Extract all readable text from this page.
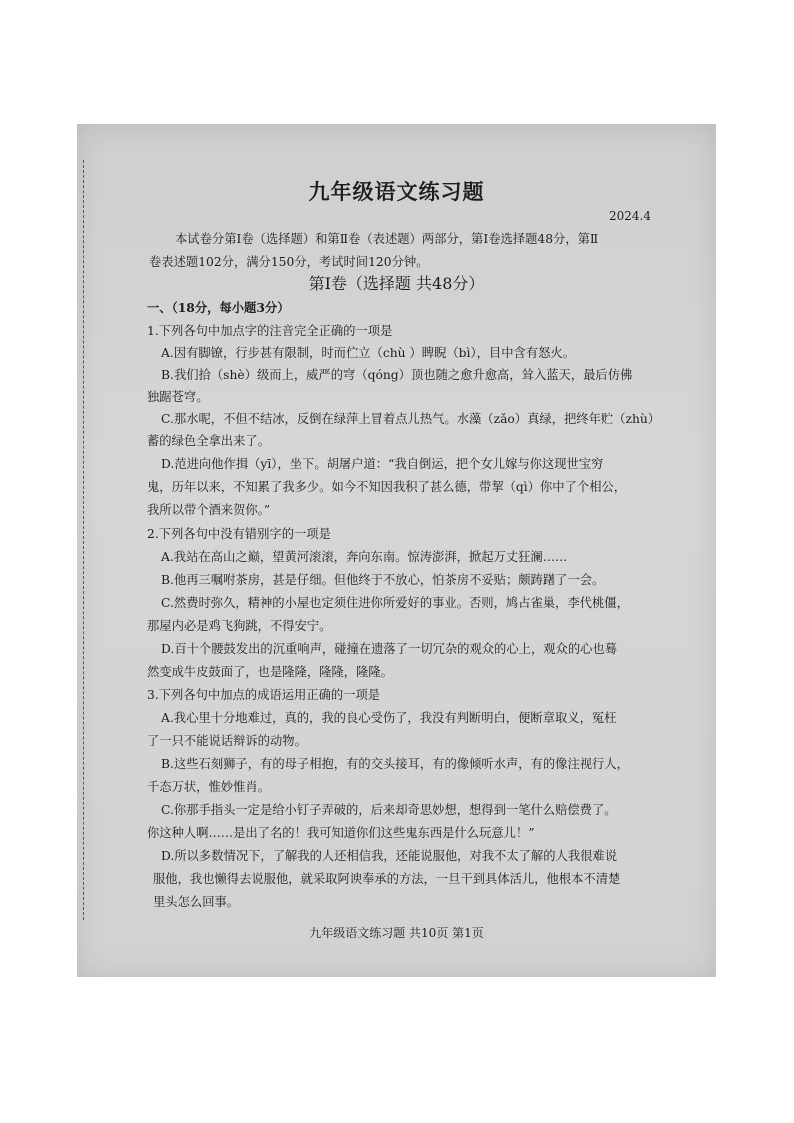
九年级语文练习题
2024.4
本试卷分第Ⅰ卷（选择题）和第Ⅱ卷（表述题）两部分，第Ⅰ卷选择题48分，第Ⅱ
卷表述题102分，满分150分，考试时间120分钟。
第Ⅰ卷（选择题 共48分）
一、（18分，每小题3分）
1.下列各句中加点字的注音完全正确的一项是
A.因有脚镣，行步甚有限制，时而伫立（chù ）睥睨（bì），目中含有怒火。
B.我们拾（shè）级而上，威严的穹（qóng）顶也随之愈升愈高，耸入蓝天，最后仿佛
独踞苍穹。
C.那水呢，不但不结冰，反倒在绿萍上冒着点儿热气。水藻（zǎo）真绿，把终年贮（zhù）
蓄的绿色全拿出来了。
D.范进向他作揖（yī），坐下。胡屠户道：“我自倒运，把个女儿嫁与你这现世宝穷
鬼，历年以来，不知累了我多少。如今不知因我积了甚么德，带挈（qì）你中了个相公，
我所以带个酒来贺你。”
2.下列各句中没有错别字的一项是
A.我站在高山之巅，望黄河滚滚，奔向东南。惊涛澎湃，掀起万丈狂澜……
B.他再三嘱咐茶房，甚是仔细。但他终于不放心，怕茶房不妥贴；颇踌躇了一会。
C.然费时弥久，精神的小屋也定须住进你所爱好的事业。否则，鸠占雀巢，李代桃僵，
那屋内必是鸡飞狗跳，不得安宁。
D.百十个腰鼓发出的沉重响声，碰撞在遗落了一切冗杂的观众的心上，观众的心也蓦
然变成牛皮鼓面了，也是隆隆，隆隆，隆隆。
3.下列各句中加点的成语运用正确的一项是
A.我心里十分地难过，真的，我的良心受伤了，我没有判断明白，便断章取义，冤枉
了一只不能说话辩诉的动物。
B.这些石刻狮子，有的母子相抱，有的交头接耳，有的像倾听水声，有的像注视行人，
千态万状，惟妙惟肖。
C.你那手指头一定是给小钉子弄破的，后来却奇思妙想，想得到一笔什么赔偿费了。
你这种人啊……是出了名的！我可知道你们这些鬼东西是什么玩意儿！”
D.所以多数情况下，了解我的人还相信我，还能说服他，对我不太了解的人我很难说
服他，我也懒得去说服他，就采取阿谀奉承的方法，一旦干到具体活儿，他根本不清楚
里头怎么回事。
九年级语文练习题 共10页 第1页
